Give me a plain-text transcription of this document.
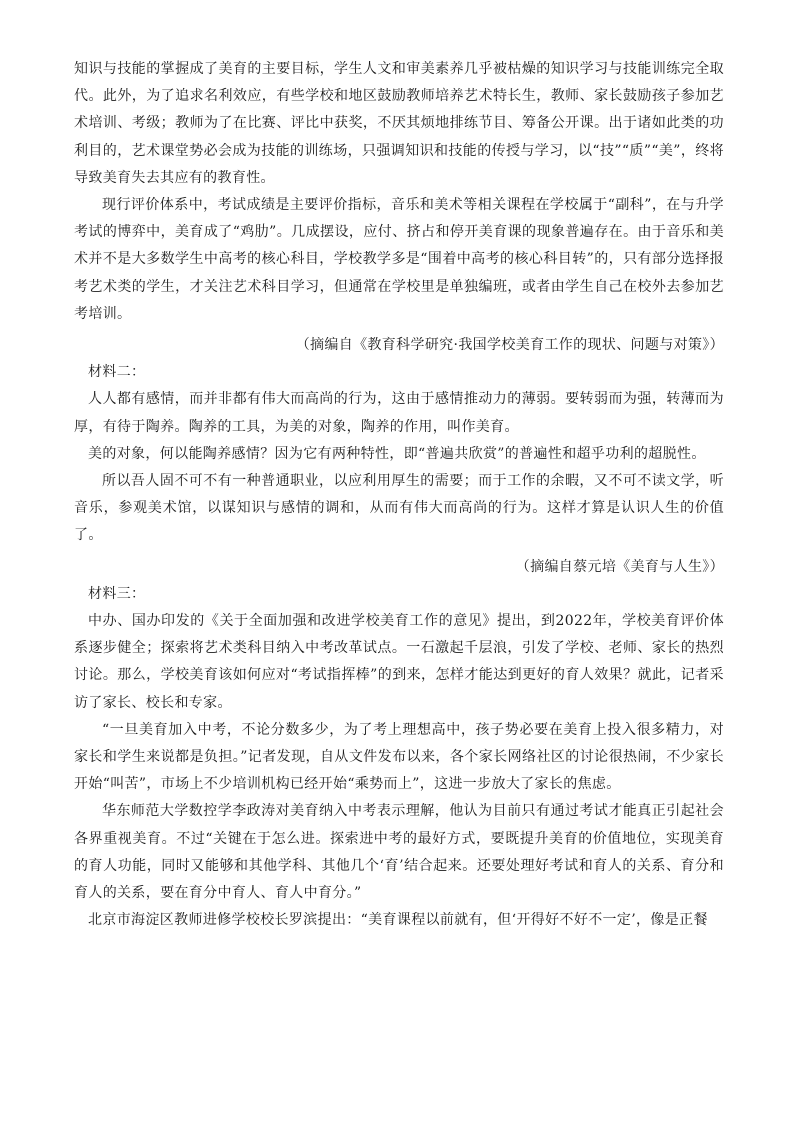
知识与技能的掌握成了美育的主要目标，学生人文和审美素养几乎被枯燥的知识学习与技能训练完全取代。此外，为了追求名利效应，有些学校和地区鼓励教师培养艺术特长生，教师、家长鼓励孩子参加艺术培训、考级；教师为了在比赛、评比中获奖，不厌其烦地排练节目、筹备公开课。出于诸如此类的功利目的，艺术课堂势必会成为技能的训练场，只强调知识和技能的传授与学习，以“技”“质”“美”，终将导致美育失去其应有的教育性。

现行评价体系中，考试成绩是主要评价指标，音乐和美术等相关课程在学校属于“副科”，在与升学考试的博弈中，美育成了“鸡肋”。几成摆设，应付、挤占和停开美育课的现象普遍存在。由于音乐和美术并不是大多数学生中高考的核心科目，学校教学多是“围着中高考的核心科目转”的，只有部分选择报考艺术类的学生，才关注艺术科目学习，但通常在学校里是单独编班，或者由学生自己在校外去参加艺考培训。

（摘编自《教育科学研究·我国学校美育工作的现状、问题与对策》）

材料二：

人人都有感情，而并非都有伟大而高尚的行为，这由于感情推动力的薄弱。要转弱而为强，转薄而为厚，有待于陶养。陶养的工具，为美的对象，陶养的作用，叫作美育。

美的对象，何以能陶养感情？因为它有两种特性，即“普遍共欣赏”的普遍性和超乎功利的超脱性。

所以吾人固不可不有一种普通职业，以应利用厚生的需要；而于工作的余暇，又不可不读文学，听音乐，参观美术馆，以谋知识与感情的调和，从而有伟大而高尚的行为。这样才算是认识人生的价值了。

（摘编自蔡元培《美育与人生》）

材料三：

中办、国办印发的《关于全面加强和改进学校美育工作的意见》提出，到2022年，学校美育评价体系逐步健全；探索将艺术类科目纳入中考改革试点。一石激起千层浪，引发了学校、老师、家长的热烈讨论。那么，学校美育该如何应对“考试指挥棒”的到来，怎样才能达到更好的育人效果？就此，记者采访了家长、校长和专家。

“一旦美育加入中考，不论分数多少，为了考上理想高中，孩子势必要在美育上投入很多精力，对家长和学生来说都是负担。”记者发现，自从文件发布以来，各个家长网络社区的讨论很热闹，不少家长开始“叫苦”，市场上不少培训机构已经开始“乘势而上”，这进一步放大了家长的焦虑。

华东师范大学数控学李政涛对美育纳入中考表示理解，他认为目前只有通过考试才能真正引起社会各界重视美育。不过“关键在于怎么进。探索进中考的最好方式，要既提升美育的价值地位，实现美育的育人功能，同时又能够和其他学科、其他几个‘育’结合起来。还要处理好考试和育人的关系、育分和育人的关系，要在育分中育人、育人中育分。”

北京市海淀区教师进修学校校长罗滨提出：“美育课程以前就有，但‘开得好不好不一定’，像是正餐
